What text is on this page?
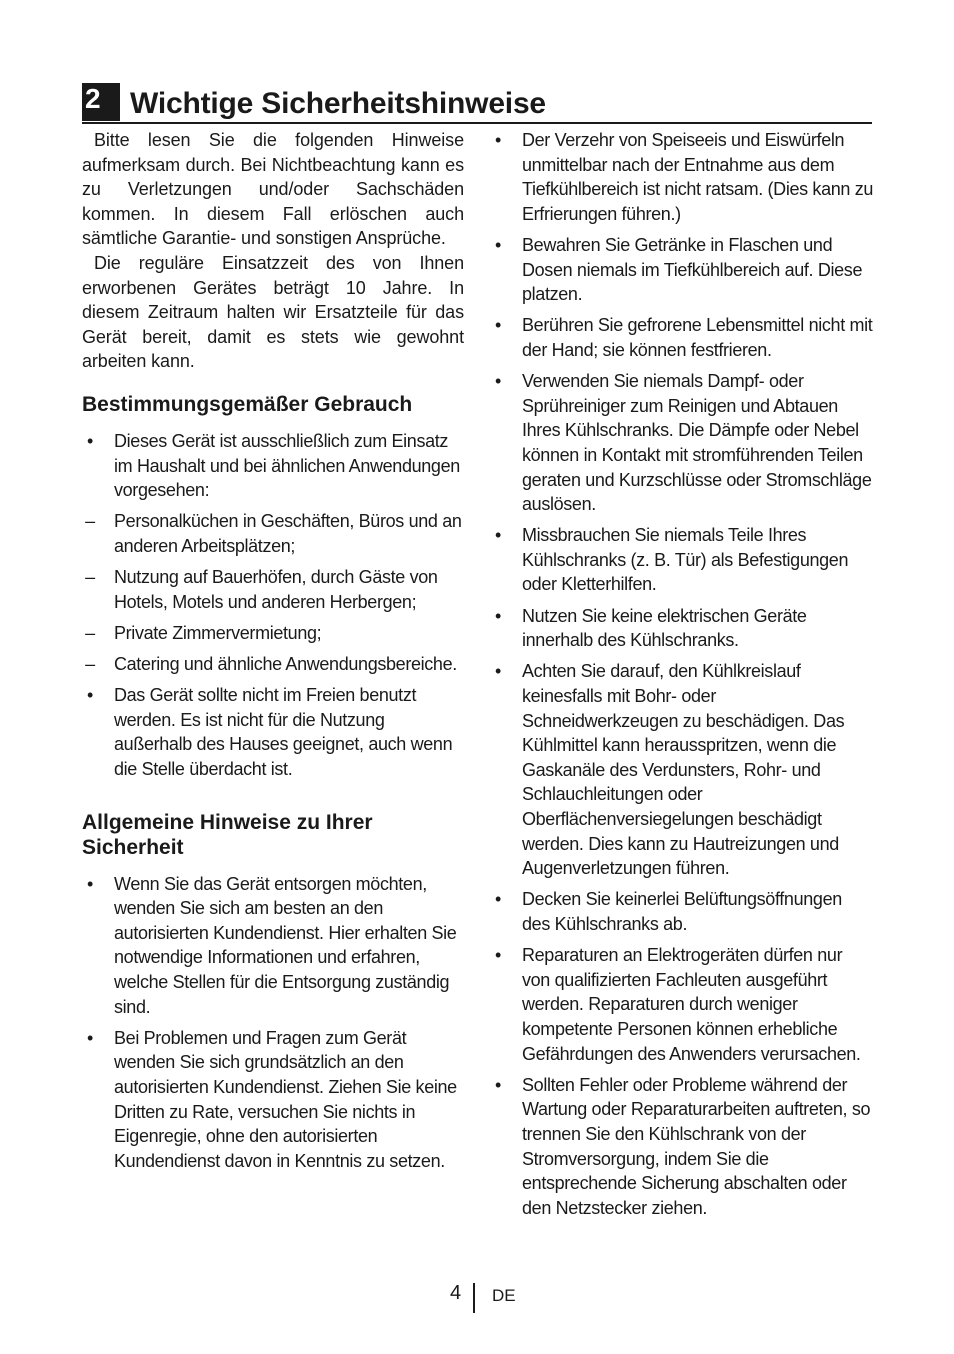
2 Wichtige Sicherheitshinweise

Bitte lesen Sie die folgenden Hinweise aufmerksam durch. Bei Nichtbeachtung kann es zu Verletzungen und/oder Sachschäden kommen. In diesem Fall erlöschen auch sämtliche Garantie- und sonstigen Ansprüche.

Die reguläre Einsatzzeit des von Ihnen erworbenen Gerätes beträgt 10 Jahre. In diesem Zeitraum halten wir Ersatzteile für das Gerät bereit, damit es stets wie gewohnt arbeiten kann.

Bestimmungsgemäßer Gebrauch
• Dieses Gerät ist ausschließlich zum Einsatz im Haushalt und bei ähnlichen Anwendungen vorgesehen:
– Personalküchen in Geschäften, Büros und an anderen Arbeitsplätzen;
– Nutzung auf Bauerhöfen, durch Gäste von Hotels, Motels und anderen Herbergen;
– Private Zimmervermietung;
– Catering und ähnliche Anwendungsbereiche.
• Das Gerät sollte nicht im Freien benutzt werden. Es ist nicht für die Nutzung außerhalb des Hauses geeignet, auch wenn die Stelle überdacht ist.
Allgemeine Hinweise zu Ihrer Sicherheit
• Wenn Sie das Gerät entsorgen möchten, wenden Sie sich am besten an den autorisierten Kundendienst. Hier erhalten Sie notwendige Informationen und erfahren, welche Stellen für die Entsorgung zuständig sind.
• Bei Problemen und Fragen zum Gerät wenden Sie sich grundsätzlich an den autorisierten Kundendienst. Ziehen Sie keine Dritten zu Rate, versuchen Sie nichts in Eigenregie, ohne den autorisierten Kundendienst davon in Kenntnis zu setzen.
• Der Verzehr von Speiseeis und Eiswürfeln unmittelbar nach der Entnahme aus dem Tiefkühlbereich ist nicht ratsam. (Dies kann zu Erfrierungen führen.)
• Bewahren Sie Getränke in Flaschen und Dosen niemals im Tiefkühlbereich auf. Diese platzen.
• Berühren Sie gefrorene Lebensmittel nicht mit der Hand; sie können festfrieren.
• Verwenden Sie niemals Dampf- oder Sprühreiniger zum Reinigen und Abtauen Ihres Kühlschranks. Die Dämpfe oder Nebel können in Kontakt mit stromführenden Teilen geraten und Kurzschlüsse oder Stromschläge auslösen.
• Missbrauchen Sie niemals Teile Ihres Kühlschranks (z. B. Tür) als Befestigungen oder Kletterhilfen.
• Nutzen Sie keine elektrischen Geräte innerhalb des Kühlschranks.
• Achten Sie darauf, den Kühlkreislauf keinesfalls mit Bohr- oder Schneidwerkzeugen zu beschädigen. Das Kühlmittel kann herausspritzen, wenn die Gaskanäle des Verdunsters, Rohr- und Schlauchleitungen oder Oberflächenversiegelungen beschädigt werden. Dies kann zu Hautreizungen und Augenverletzungen führen.
• Decken Sie keinerlei Belüftungsöffnungen des Kühlschranks ab.
• Reparaturen an Elektrogeräten dürfen nur von qualifizierten Fachleuten ausgeführt werden. Reparaturen durch weniger kompetente Personen können erhebliche Gefährdungen des Anwenders verursachen.
• Sollten Fehler oder Probleme während der Wartung oder Reparaturarbeiten auftreten, so trennen Sie den Kühlschrank von der Stromversorgung, indem Sie die entsprechende Sicherung abschalten oder den Netzstecker ziehen.
4 DE
